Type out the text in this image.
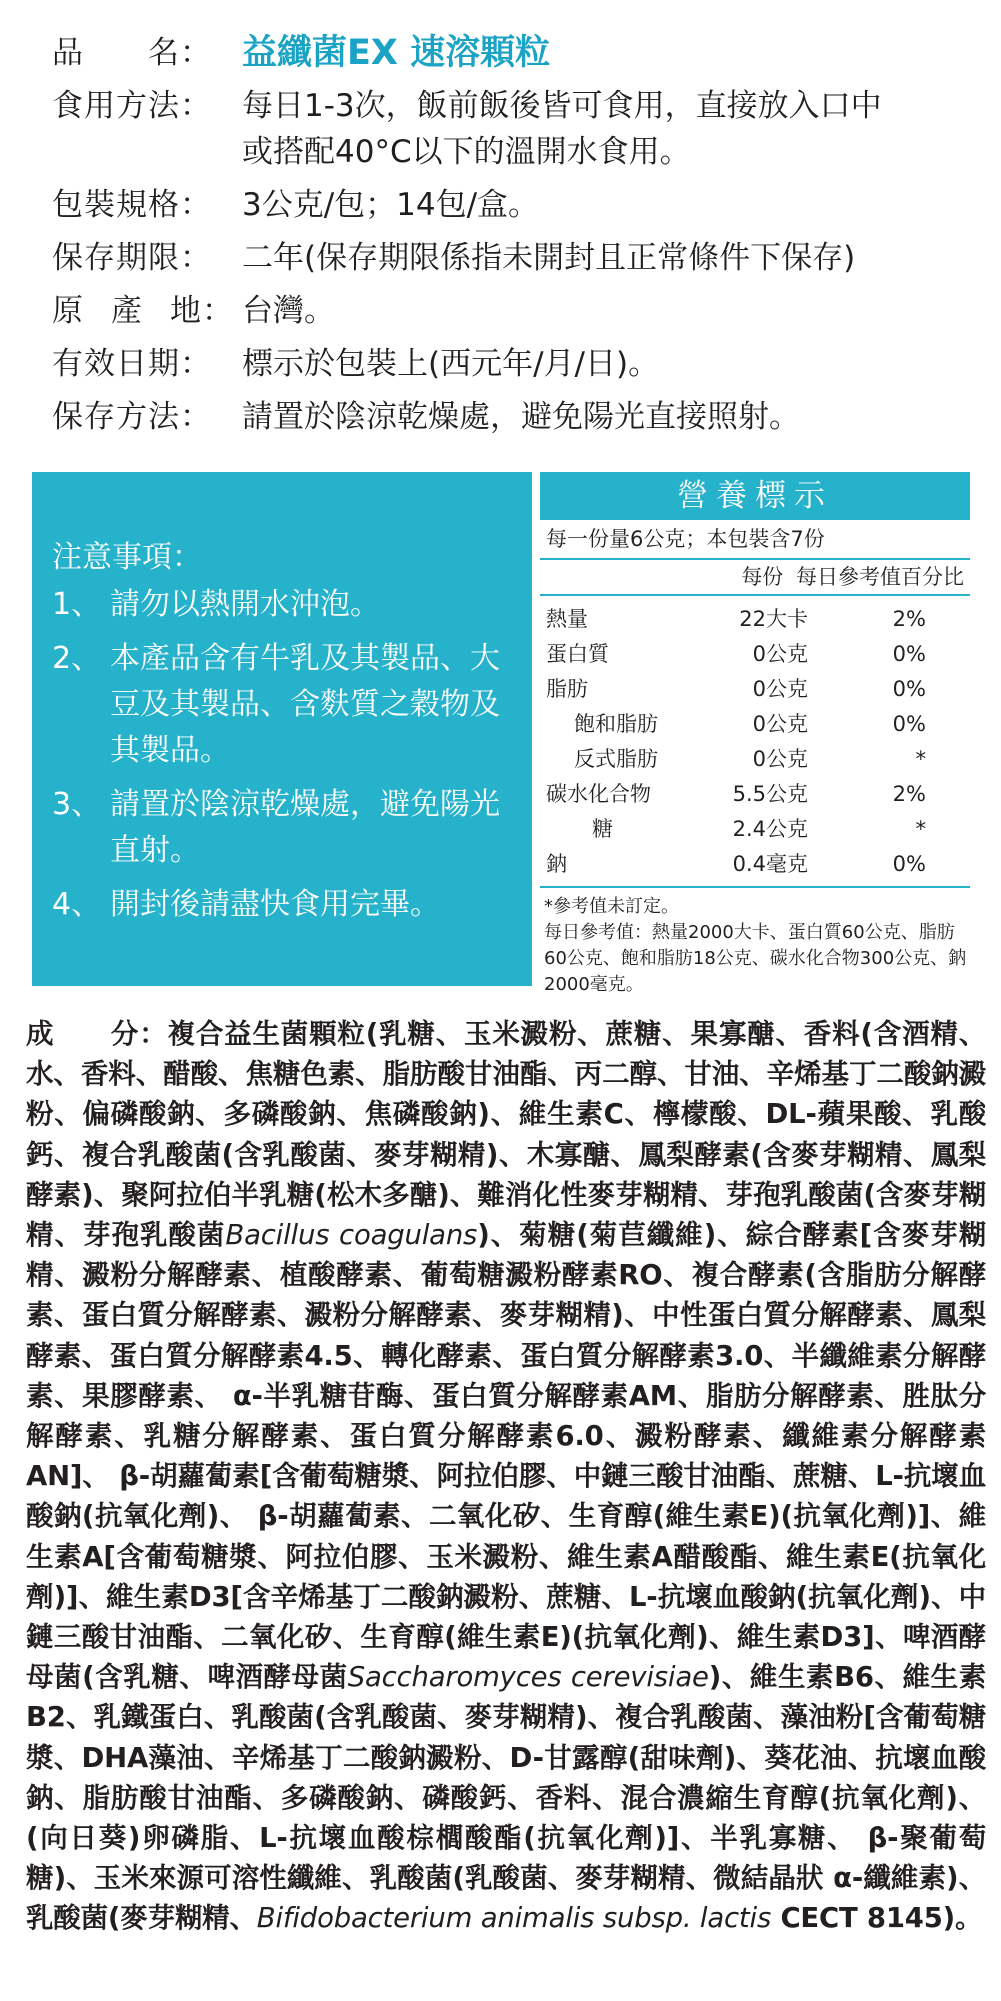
品　　名： 益纖菌EX 速溶顆粒
食用方法： 每日1-3次，飯前飯後皆可食用，直接放入口中
或搭配40°C以下的溫開水食用。
包裝規格： 3公克/包；14包/盒。
保存期限： 二年(保存期限係指未開封且正常條件下保存)
原 產 地 ： 台灣。
有效日期： 標示於包裝上(西元年/月/日)。
保存方法： 請置於陰涼乾燥處，避免陽光直接照射。
注意事項：
1、 請勿以熱開水沖泡。
2、 本產品含有牛乳及其製品、大豆及其製品、含麩質之穀物及其製品。
3、 請置於陰涼乾燥處，避免陽光直射。
4、 開封後請盡快食用完畢。
營養標示
每一份量6公克；本包裝含7份
每份 每日參考值百分比
熱量	22大卡	2%
蛋白質	0公克	0%
脂肪	0公克	0%
飽和脂肪	0公克	0%
反式脂肪	0公克	*
碳水化合物	5.5公克	2%
糖	2.4公克	*
鈉	0.4毫克	0%
*參考值未訂定。
每日參考值：熱量2000大卡、蛋白質60公克、脂肪60公克、飽和脂肪18公克、碳水化合物300公克、鈉2000毫克。
成　　分：複合益生菌顆粒(乳糖、玉米澱粉、蔗糖、果寡醣、香料(含酒精、水、香料、醋酸、焦糖色素、脂肪酸甘油酯、丙二醇、甘油、辛烯基丁二酸鈉澱粉、偏磷酸鈉、多磷酸鈉、焦磷酸鈉)、維生素C、檸檬酸、DL-蘋果酸、乳酸鈣、複合乳酸菌(含乳酸菌、麥芽糊精)、木寡醣、鳳梨酵素(含麥芽糊精、鳳梨酵素)、聚阿拉伯半乳糖(松木多醣)、難消化性麥芽糊精、芽孢乳酸菌(含麥芽糊精、芽孢乳酸菌Bacillus coagulans)、菊糖(菊苣纖維)、綜合酵素[含麥芽糊精、澱粉分解酵素、植酸酵素、葡萄糖澱粉酵素RO、複合酵素(含脂肪分解酵素、蛋白質分解酵素、澱粉分解酵素、麥芽糊精)、中性蛋白質分解酵素、鳳梨酵素、蛋白質分解酵素4.5、轉化酵素、蛋白質分解酵素3.0、半纖維素分解酵素、果膠酵素、 α-半乳糖苷酶、蛋白質分解酵素AM、脂肪分解酵素、胜肽分解酵素、乳糖分解酵素、蛋白質分解酵素6.0、澱粉酵素、纖維素分解酵素AN]、 β-胡蘿蔔素[含葡萄糖漿、阿拉伯膠、中鏈三酸甘油酯、蔗糖、L-抗壞血酸鈉(抗氧化劑)、 β-胡蘿蔔素、二氧化矽、生育醇(維生素E)(抗氧化劑)]、維生素A[含葡萄糖漿、阿拉伯膠、玉米澱粉、維生素A醋酸酯、維生素E(抗氧化劑)]、維生素D3[含辛烯基丁二酸鈉澱粉、蔗糖、L-抗壞血酸鈉(抗氧化劑)、中鏈三酸甘油酯、二氧化矽、生育醇(維生素E)(抗氧化劑)、維生素D3]、啤酒酵母菌(含乳糖、啤酒酵母菌Saccharomyces cerevisiae)、維生素B6、維生素B2、乳鐵蛋白、乳酸菌(含乳酸菌、麥芽糊精)、複合乳酸菌、藻油粉[含葡萄糖漿、DHA藻油、辛烯基丁二酸鈉澱粉、D-甘露醇(甜味劑)、葵花油、抗壞血酸鈉、脂肪酸甘油酯、多磷酸鈉、磷酸鈣、香料、混合濃縮生育醇(抗氧化劑)、(向日葵)卵磷脂、L-抗壞血酸棕櫚酸酯(抗氧化劑)]、半乳寡糖、 β-聚葡萄糖)、玉米來源可溶性纖維、乳酸菌(乳酸菌、麥芽糊精、微結晶狀 α-纖維素)、乳酸菌(麥芽糊精、Bifidobacterium animalis subsp. lactis CECT 8145)。
